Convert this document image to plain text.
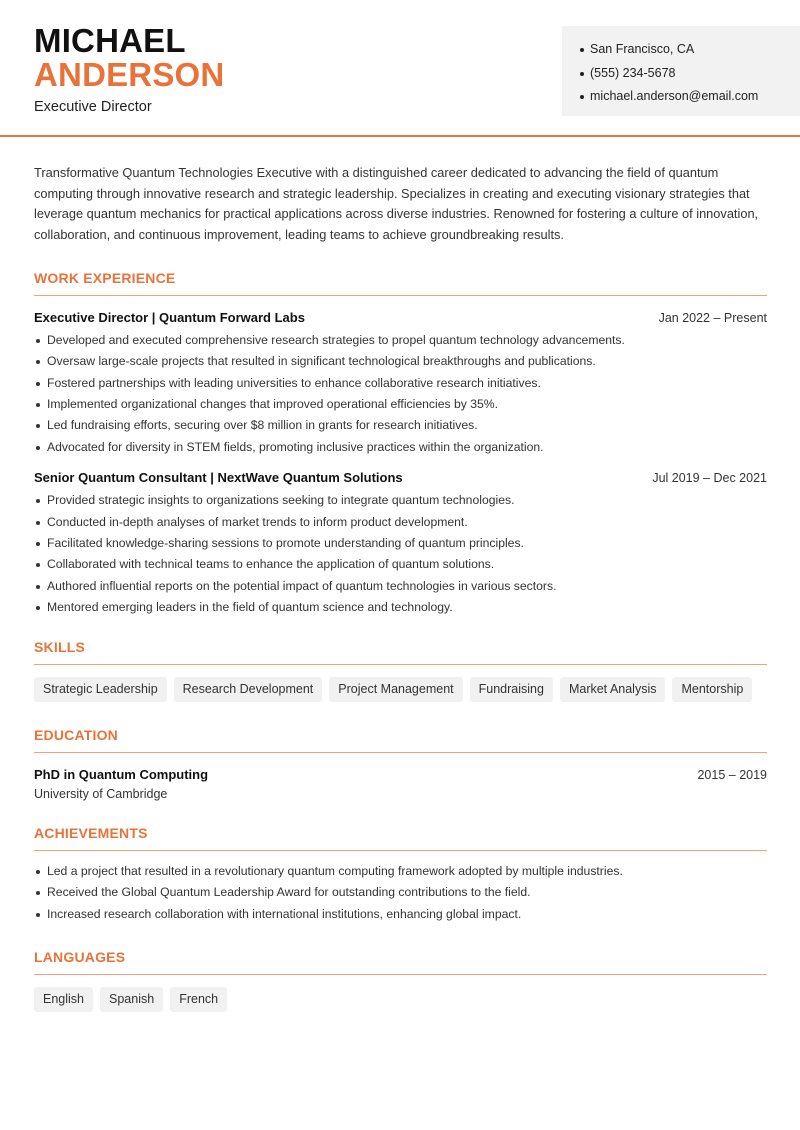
MICHAEL
ANDERSON
Executive Director
San Francisco, CA
(555) 234-5678
michael.anderson@email.com

Transformative Quantum Technologies Executive with a distinguished career dedicated to advancing the field of quantum computing through innovative research and strategic leadership. Specializes in creating and executing visionary strategies that leverage quantum mechanics for practical applications across diverse industries. Renowned for fostering a culture of innovation, collaboration, and continuous improvement, leading teams to achieve groundbreaking results.

WORK EXPERIENCE
Executive Director | Quantum Forward Labs	Jan 2022 – Present
Developed and executed comprehensive research strategies to propel quantum technology advancements.
Oversaw large-scale projects that resulted in significant technological breakthroughs and publications.
Fostered partnerships with leading universities to enhance collaborative research initiatives.
Implemented organizational changes that improved operational efficiencies by 35%.
Led fundraising efforts, securing over $8 million in grants for research initiatives.
Advocated for diversity in STEM fields, promoting inclusive practices within the organization.
Senior Quantum Consultant | NextWave Quantum Solutions	Jul 2019 – Dec 2021
Provided strategic insights to organizations seeking to integrate quantum technologies.
Conducted in-depth analyses of market trends to inform product development.
Facilitated knowledge-sharing sessions to promote understanding of quantum principles.
Collaborated with technical teams to enhance the application of quantum solutions.
Authored influential reports on the potential impact of quantum technologies in various sectors.
Mentored emerging leaders in the field of quantum science and technology.
SKILLS
Strategic Leadership	Research Development	Project Management	Fundraising	Market Analysis	Mentorship
EDUCATION
PhD in Quantum Computing	2015 – 2019
University of Cambridge
ACHIEVEMENTS
Led a project that resulted in a revolutionary quantum computing framework adopted by multiple industries.
Received the Global Quantum Leadership Award for outstanding contributions to the field.
Increased research collaboration with international institutions, enhancing global impact.
LANGUAGES
English	Spanish	French
